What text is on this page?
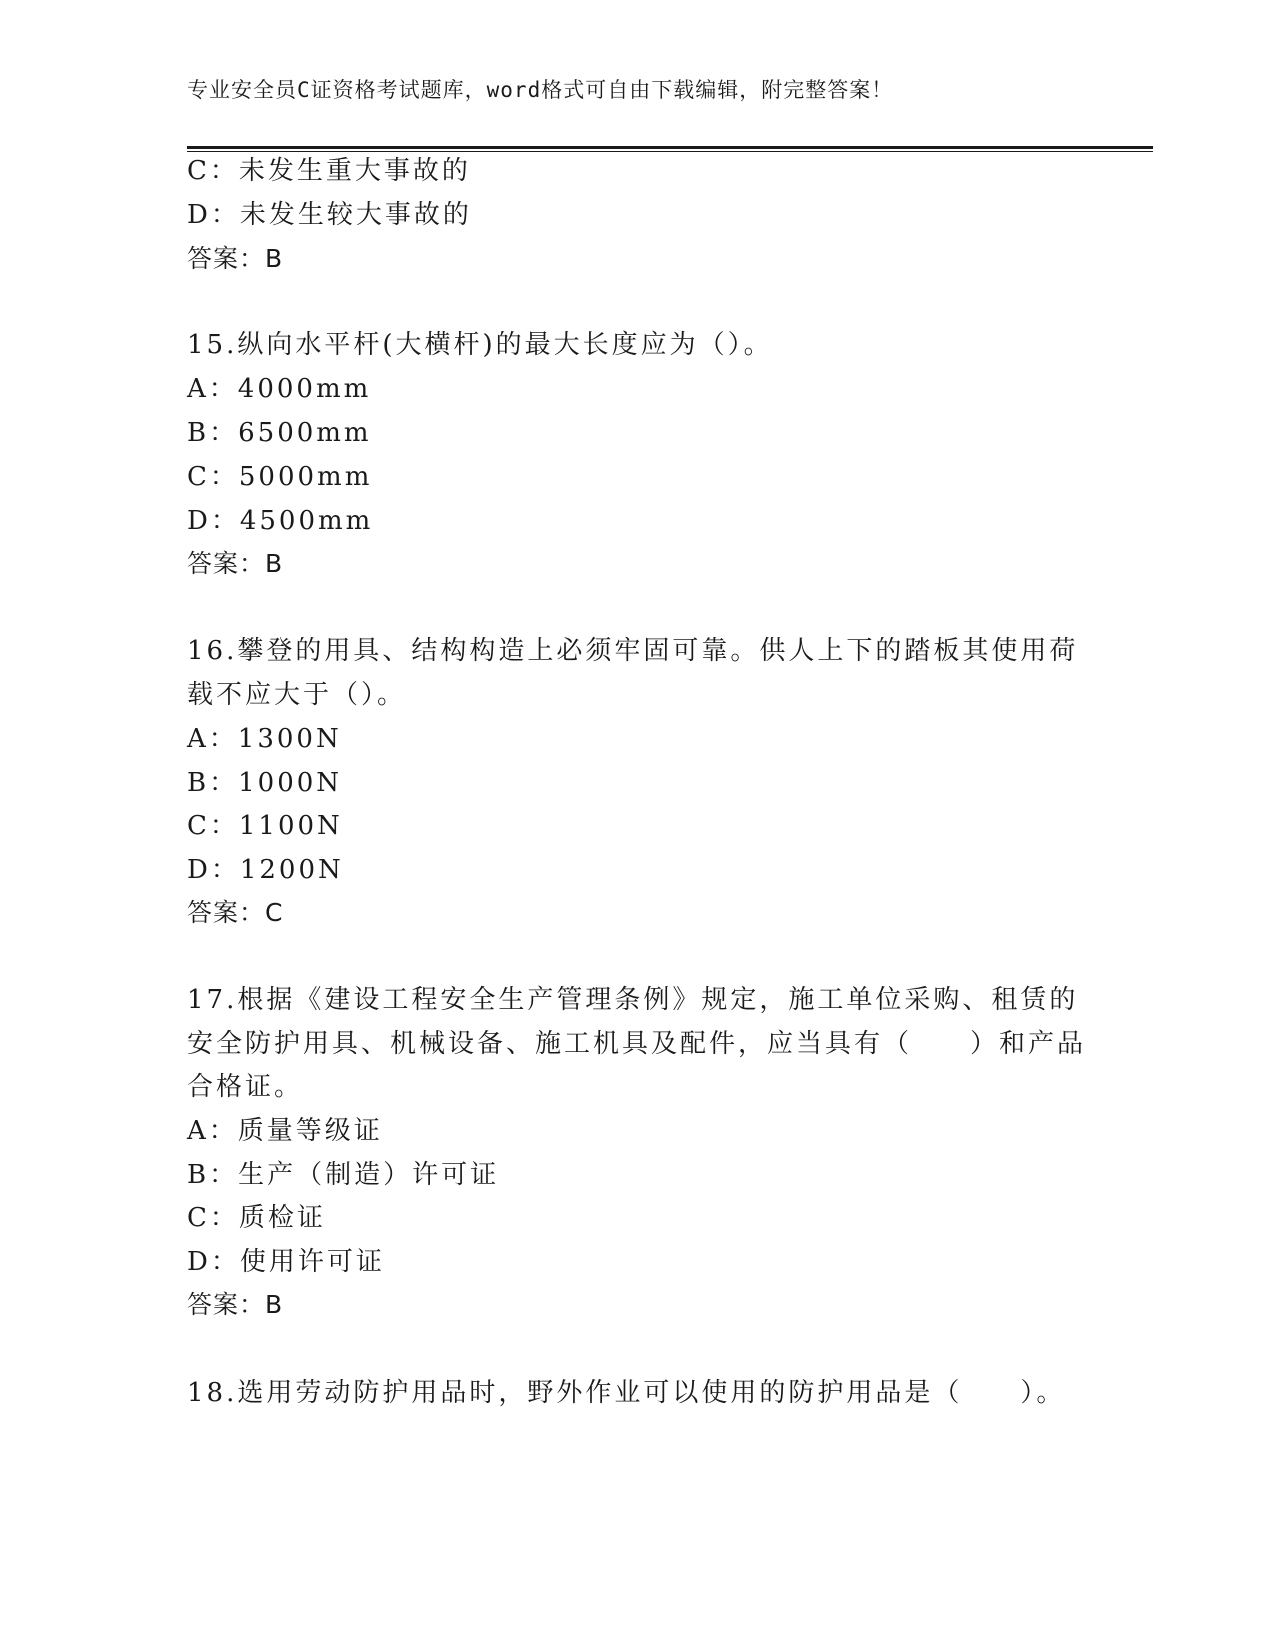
专业安全员C证资格考试题库，word格式可自由下载编辑，附完整答案！
C：未发生重大事故的
D：未发生较大事故的
答案：B
15.纵向水平杆(大横杆)的最大长度应为（）。
A：4000mm
B：6500mm
C：5000mm
D：4500mm
答案：B
16.攀登的用具、结构构造上必须牢固可靠。供人上下的踏板其使用荷
载不应大于（）。
A：1300N
B：1000N
C：1100N
D：1200N
答案：C
17.根据《建设工程安全生产管理条例》规定，施工单位采购、租赁的
安全防护用具、机械设备、施工机具及配件，应当具有（　　）和产品
合格证。
A：质量等级证
B：生产（制造）许可证
C：质检证
D：使用许可证
答案：B
18.选用劳动防护用品时，野外作业可以使用的防护用品是（　　）。
